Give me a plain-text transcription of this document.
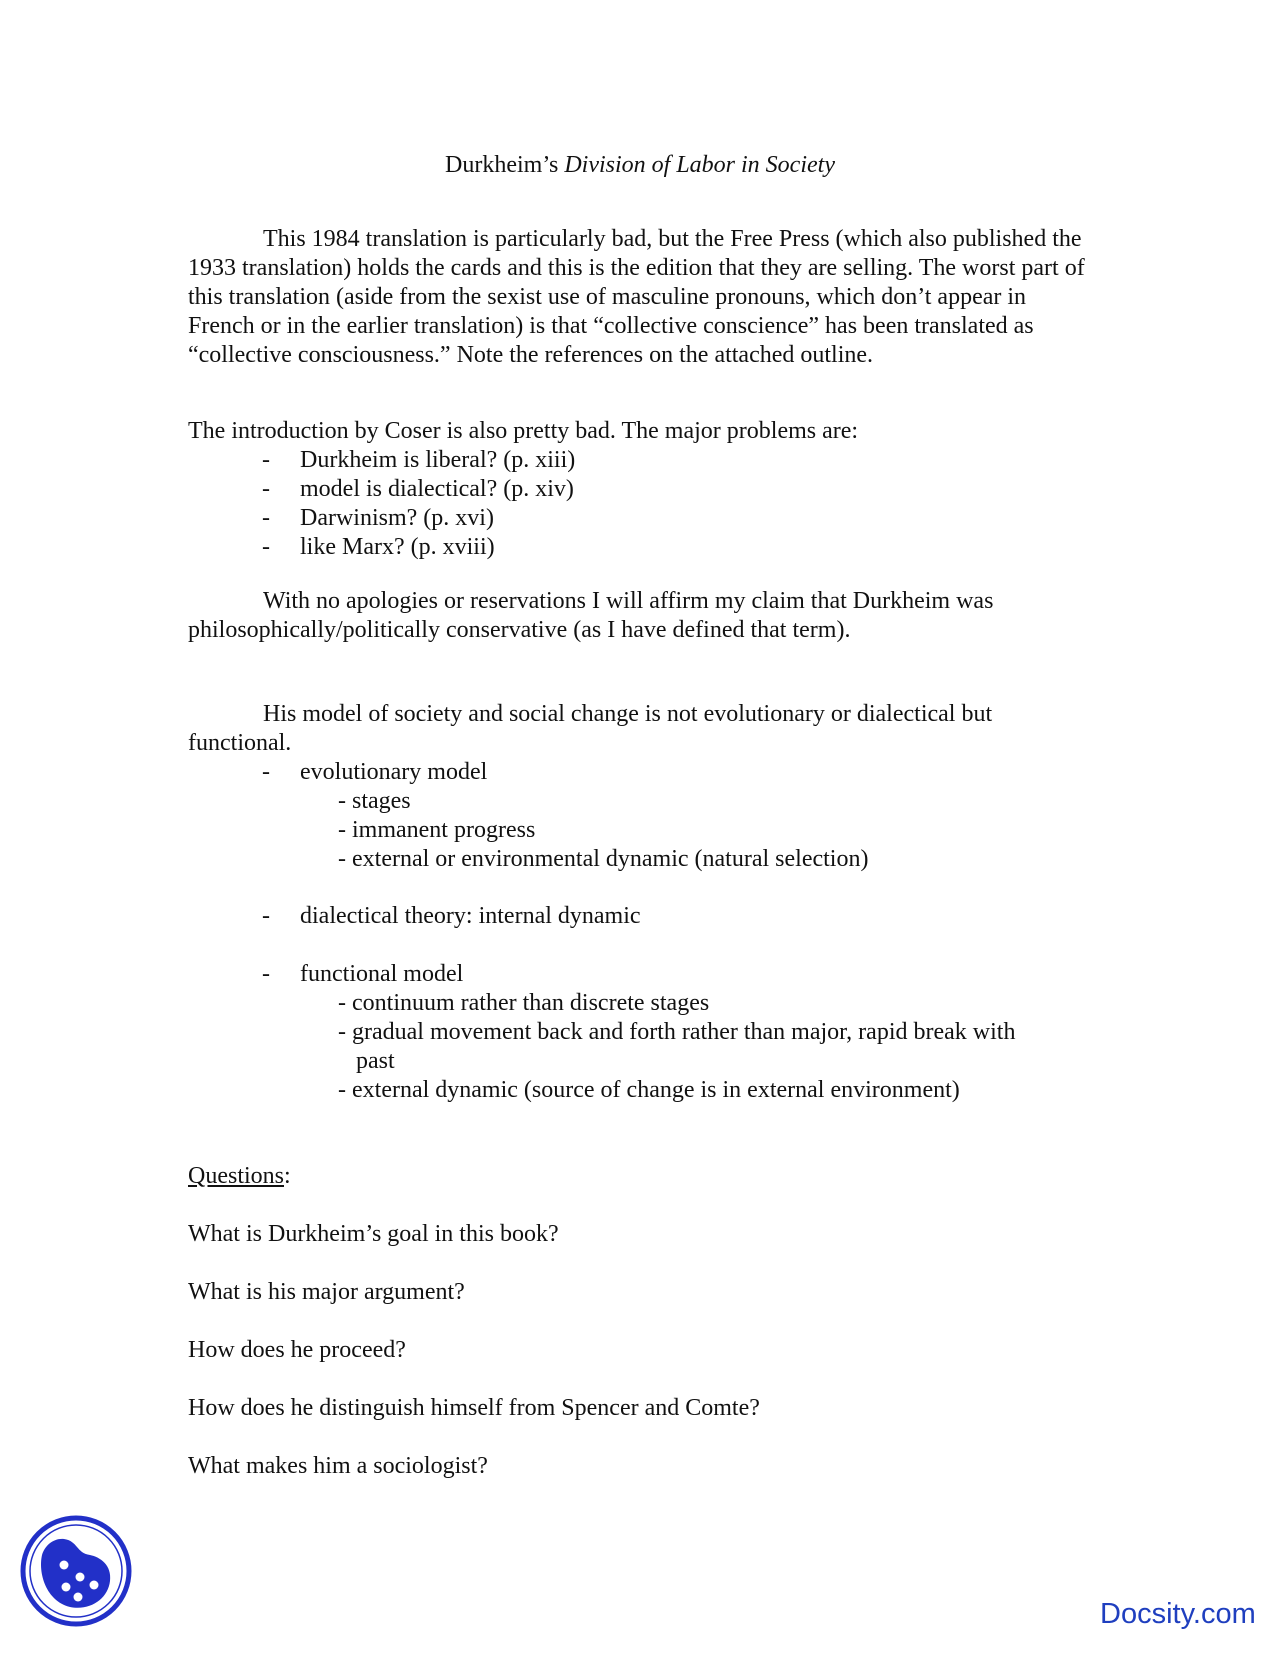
Durkheim’s Division of Labor in Society

This 1984 translation is particularly bad, but the Free Press (which also published the 1933 translation) holds the cards and this is the edition that they are selling. The worst part of this translation (aside from the sexist use of masculine pronouns, which don’t appear in French or in the earlier translation) is that “collective conscience” has been translated as “collective consciousness.” Note the references on the attached outline.

The introduction by Coser is also pretty bad. The major problems are:
- Durkheim is liberal? (p. xiii)
- model is dialectical? (p. xiv)
- Darwinism? (p. xvi)
- like Marx? (p. xviii)

With no apologies or reservations I will affirm my claim that Durkheim was philosophically/politically conservative (as I have defined that term).

His model of society and social change is not evolutionary or dialectical but functional.

- evolutionary model
- stages
- immanent progress
- external or environmental dynamic (natural selection)
- dialectical theory: internal dynamic
- functional model
- continuum rather than discrete stages
- gradual movement back and forth rather than major, rapid break with
past
- external dynamic (source of change is in external environment)
Questions:
What is Durkheim’s goal in this book?
What is his major argument?
How does he proceed?
How does he distinguish himself from Spencer and Comte?
What makes him a sociologist?
Docsity.com
